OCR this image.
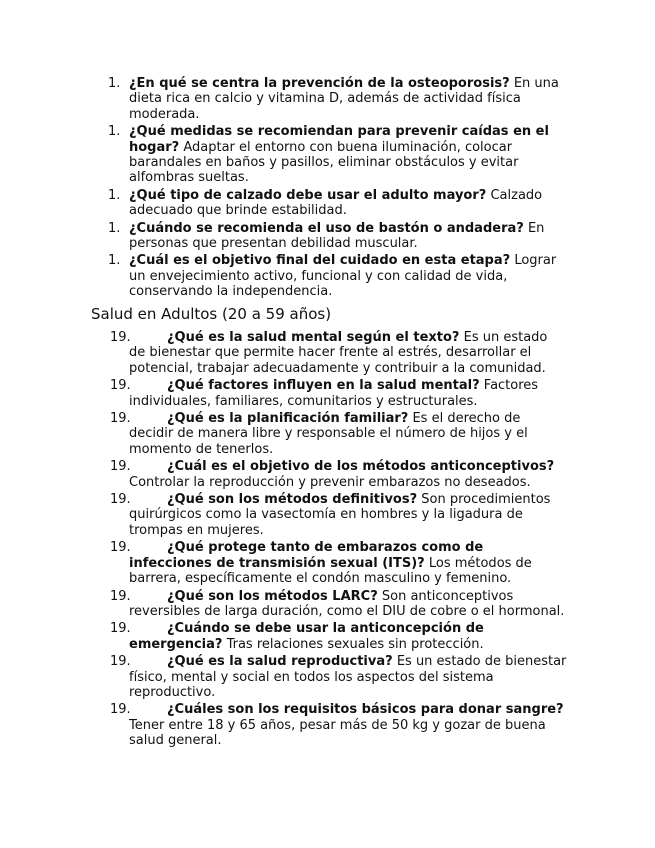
1. ¿En qué se centra la prevención de la osteoporosis? En una dieta rica en calcio y vitamina D, además de actividad física moderada.
1. ¿Qué medidas se recomiendan para prevenir caídas en el hogar? Adaptar el entorno con buena iluminación, colocar barandales en baños y pasillos, eliminar obstáculos y evitar alfombras sueltas.
1. ¿Qué tipo de calzado debe usar el adulto mayor? Calzado adecuado que brinde estabilidad.
1. ¿Cuándo se recomienda el uso de bastón o andadera? En personas que presentan debilidad muscular.
1. ¿Cuál es el objetivo final del cuidado en esta etapa? Lograr un envejecimiento activo, funcional y con calidad de vida, conservando la independencia.
Salud en Adultos (20 a 59 años)
19.	¿Qué es la salud mental según el texto? Es un estado de bienestar que permite hacer frente al estrés, desarrollar el potencial, trabajar adecuadamente y contribuir a la comunidad.
19.	¿Qué factores influyen en la salud mental? Factores individuales, familiares, comunitarios y estructurales.
19.	¿Qué es la planificación familiar? Es el derecho de decidir de manera libre y responsable el número de hijos y el momento de tenerlos.
19.	¿Cuál es el objetivo de los métodos anticonceptivos? Controlar la reproducción y prevenir embarazos no deseados.
19.	¿Qué son los métodos definitivos? Son procedimientos quirúrgicos como la vasectomía en hombres y la ligadura de trompas en mujeres.
19.	¿Qué protege tanto de embarazos como de infecciones de transmisión sexual (ITS)? Los métodos de barrera, específicamente el condón masculino y femenino.
19.	¿Qué son los métodos LARC? Son anticonceptivos reversibles de larga duración, como el DIU de cobre o el hormonal.
19.	¿Cuándo se debe usar la anticoncepción de emergencia? Tras relaciones sexuales sin protección.
19.	¿Qué es la salud reproductiva? Es un estado de bienestar físico, mental y social en todos los aspectos del sistema reproductivo.
19.	¿Cuáles son los requisitos básicos para donar sangre? Tener entre 18 y 65 años, pesar más de 50 kg y gozar de buena salud general.
